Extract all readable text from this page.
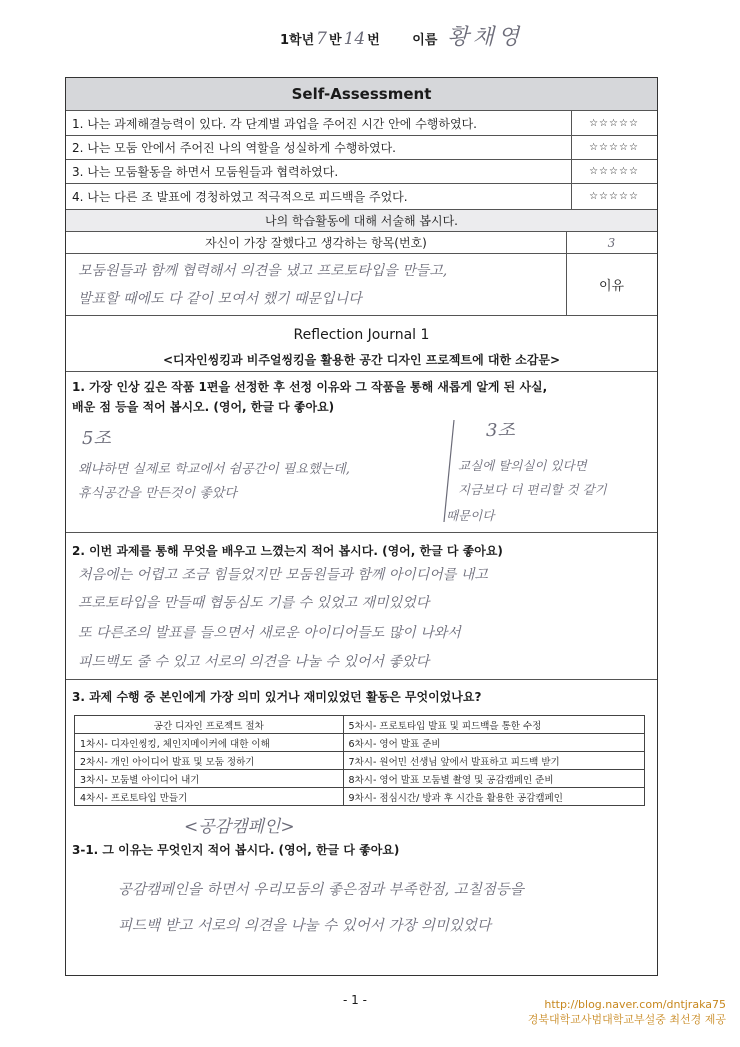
1학년 7 반 14 번	이름 황채영
Self-Assessment
1. 나는 과제해결능력이 있다. 각 단계별 과업을 주어진 시간 안에 수행하였다.	☆☆☆☆☆
2. 나는 모둠 안에서 주어진 나의 역할을 성실하게 수행하였다.	☆☆☆☆☆
3. 나는 모둠활동을 하면서 모둠원들과 협력하였다.	☆☆☆☆☆
4. 나는 다른 조 발표에 경청하였고 적극적으로 피드백을 주었다.	☆☆☆☆☆
나의 학습활동에 대해 서술해 봅시다.
자신이 가장 잘했다고 생각하는 항목(번호)	3
모둠원들과 함께 협력해서 의견을 냈고 프로토타입을 만들고,
발표할 때에도 다 같이 모여서 했기 때문입니다
이유
Reflection Journal 1
<디자인씽킹과 비주얼씽킹을 활용한 공간 디자인 프로젝트에 대한 소감문>
1. 가장 인상 깊은 작품 1편을 선정한 후 선정 이유와 그 작품을 통해 새롭게 알게 된 사실,
배운 점 등을 적어 봅시오. (영어, 한글 다 좋아요)
5조
왜냐하면 실제로 학교에서 쉼공간이 필요했는데,
휴식공간을 만든것이 좋았다
3조
교실에 탈의실이 있다면
지금보다 더 편리할 것 같기
때문이다
2. 이번 과제를 통해 무엇을 배우고 느꼈는지 적어 봅시다. (영어, 한글 다 좋아요)
처음에는 어렵고 조금 힘들었지만 모둠원들과 함께 아이디어를 내고
프로토타입을 만들때 협동심도 기를 수 있었고 재미있었다
또 다른조의 발표를 들으면서 새로운 아이디어들도 많이 나와서
피드백도 줄 수 있고 서로의 의견을 나눌 수 있어서 좋았다
3. 과제 수행 중 본인에게 가장 의미 있거나 재미있었던 활동은 무엇이었나요?
공간 디자인 프로젝트 절차	5차시- 프로토타입 발표 및 피드백을 통한 수정
1차시- 디자인씽킹, 체인지메이커에 대한 이해	6차시- 영어 발표 준비
2차시- 개인 아이디어 발표 및 모둠 정하기	7차시- 원어민 선생님 앞에서 발표하고 피드백 받기
3차시- 모둠별 아이디어 내기	8차시- 영어 발표 모둠별 촬영 및 공감캠페인 준비
4차시- 프로토타입 만들기	9차시- 점심시간/ 방과 후 시간을 활용한 공감캠페인
<공감캠페인>
3-1. 그 이유는 무엇인지 적어 봅시다. (영어, 한글 다 좋아요)
공감캠페인을 하면서 우리모둠의 좋은점과 부족한점, 고칠점등을
피드백 받고 서로의 의견을 나눌 수 있어서 가장 의미있었다
- 1 -	http://blog.naver.com/dntjraka75
경북대학교사범대학교부설중 최선경 제공
